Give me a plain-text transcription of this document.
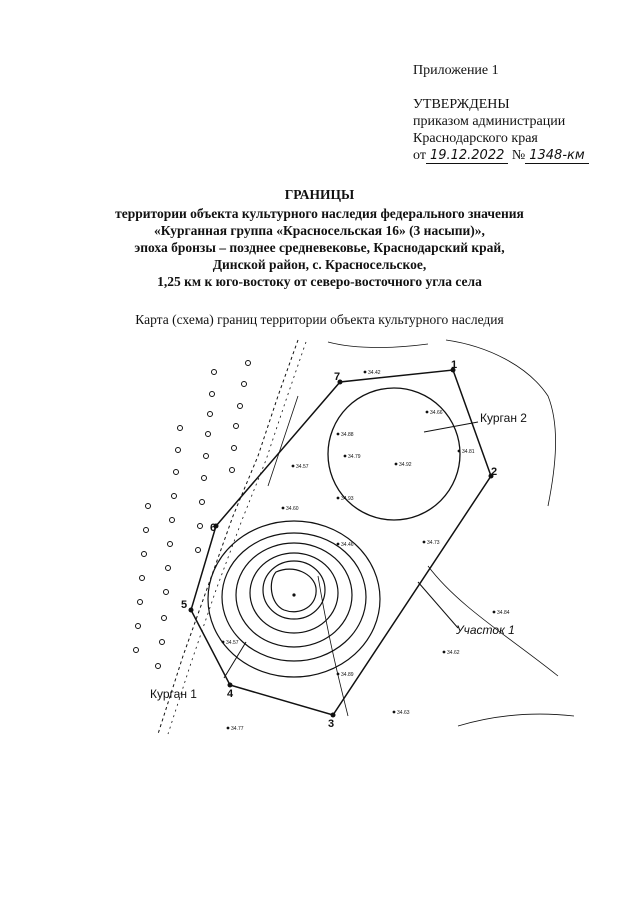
Приложение 1
УТВЕРЖДЕНЫ
приказом администрации
Краснодарского края
от 19.12.2022 № 1348-км
ГРАНИЦЫ
территории объекта культурного наследия федерального значения
«Курганная группа «Красносельская 16» (3 насыпи)»,
эпоха бронзы – позднее средневековье, Краснодарский край,
Динской район, с. Красносельское,
1,25 км к юго-востоку от северо-восточного угла села
Карта (схема) границ территории объекта культурного наследия
1
2
3
4
5
6
7	34.42
34.66
34.88
34.79
34.92
34.81
34.57
34.93
34.60
34.46	34.73
34.57
34.89
34.62
34.84
34.63
34.77
Курган 1
Курган 2
Участок 1
